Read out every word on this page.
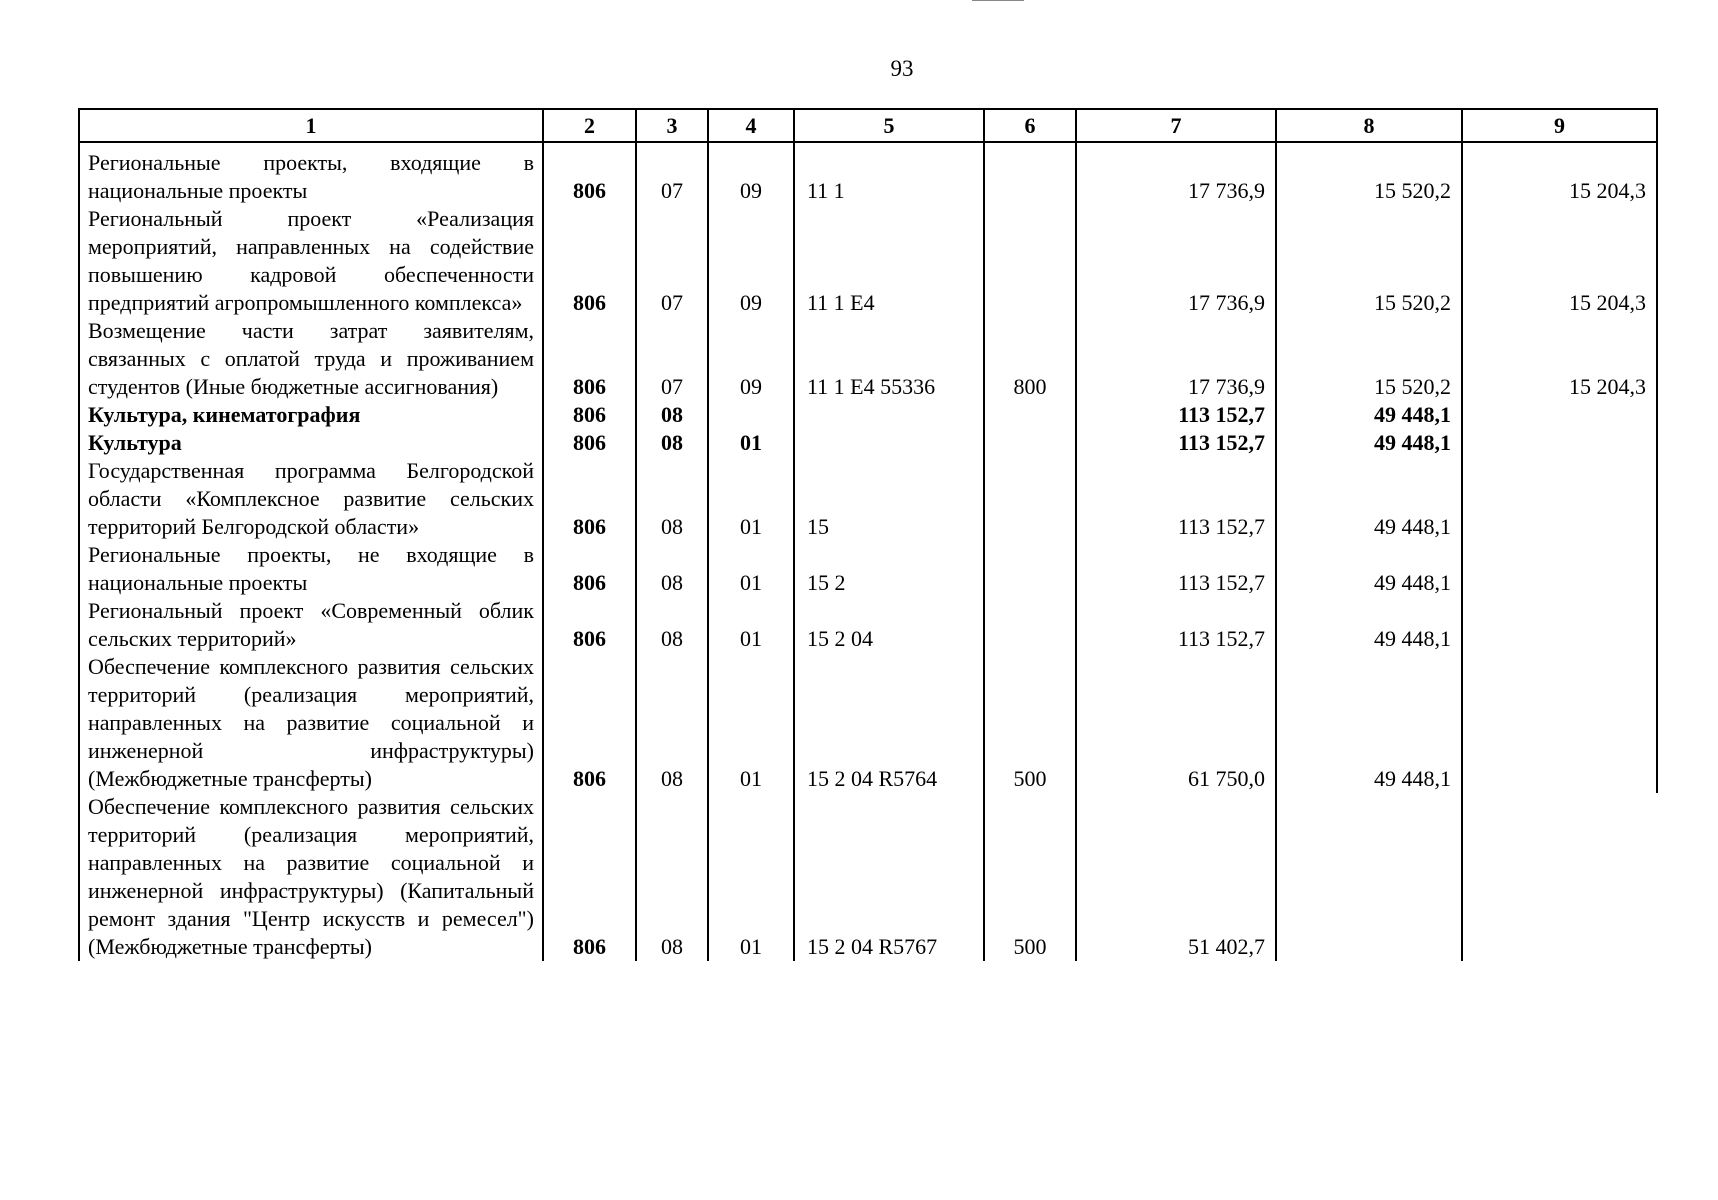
93
1	2	3	4	5	6	7	8	9
Региональные проекты, входящие в национальные проекты	806	07	09	11 1		17 736,9	15 520,2	15 204,3
Региональный проект «Реализация мероприятий, направленных на содействие повышению кадровой обеспеченности предприятий агропромышленного комплекса»	806	07	09	11 1 Е4		17 736,9	15 520,2	15 204,3
Возмещение части затрат заявителям, связанных с оплатой труда и проживанием студентов (Иные бюджетные ассигнования)	806	07	09	11 1 Е4 55336	800	17 736,9	15 520,2	15 204,3
Культура, кинематография	806	08				113 152,7	49 448,1	
Культура	806	08	01			113 152,7	49 448,1	
Государственная программа Белгородской области «Комплексное развитие сельских территорий Белгородской области»	806	08	01	15		113 152,7	49 448,1	
Региональные проекты, не входящие в национальные проекты	806	08	01	15 2		113 152,7	49 448,1	
Региональный проект «Современный облик сельских территорий»	806	08	01	15 2 04		113 152,7	49 448,1	
Обеспечение комплексного развития сельских территорий (реализация мероприятий, направленных на развитие социальной и инженерной инфраструктуры) (Межбюджетные трансферты)	806	08	01	15 2 04 R5764	500	61 750,0	49 448,1	
Обеспечение комплексного развития сельских территорий (реализация мероприятий, направленных на развитие социальной и инженерной инфраструктуры) (Капитальный ремонт здания "Центр искусств и ремесел") (Межбюджетные трансферты)	806	08	01	15 2 04 R5767	500	51 402,7		
